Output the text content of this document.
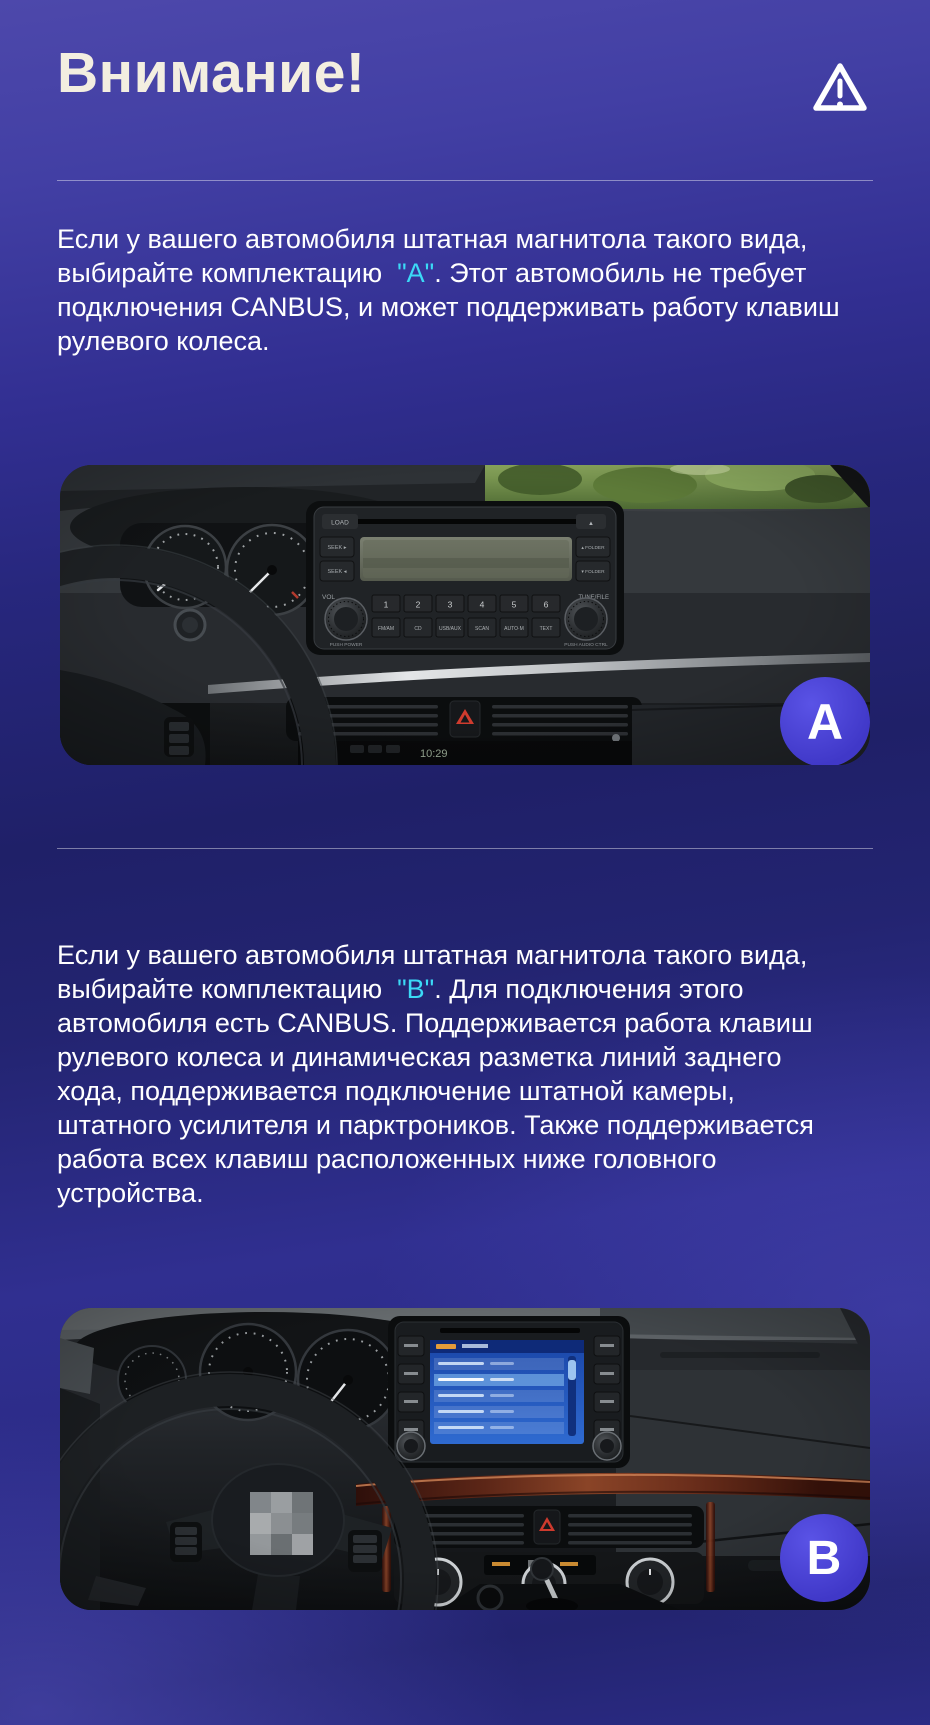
Внимание!
Если у вашего автомобиля штатная магнитола такого вида,
выбирайте комплектацию  "A". Этот автомобиль не требует
подключения CANBUS, и может поддерживать работу клавиш
рулевого колеса.
A
Если у вашего автомобиля штатная магнитола такого вида,
выбирайте комплектацию  "B". Для подключения этого
автомобиля есть CANBUS. Поддерживается работа клавиш
рулевого колеса и динамическая разметка линий заднего
хода, поддерживается подключение штатной камеры,
штатного усилителя и парктроников. Также поддерживается
работа всех клавиш расположенных ниже головного
устройства.
B
